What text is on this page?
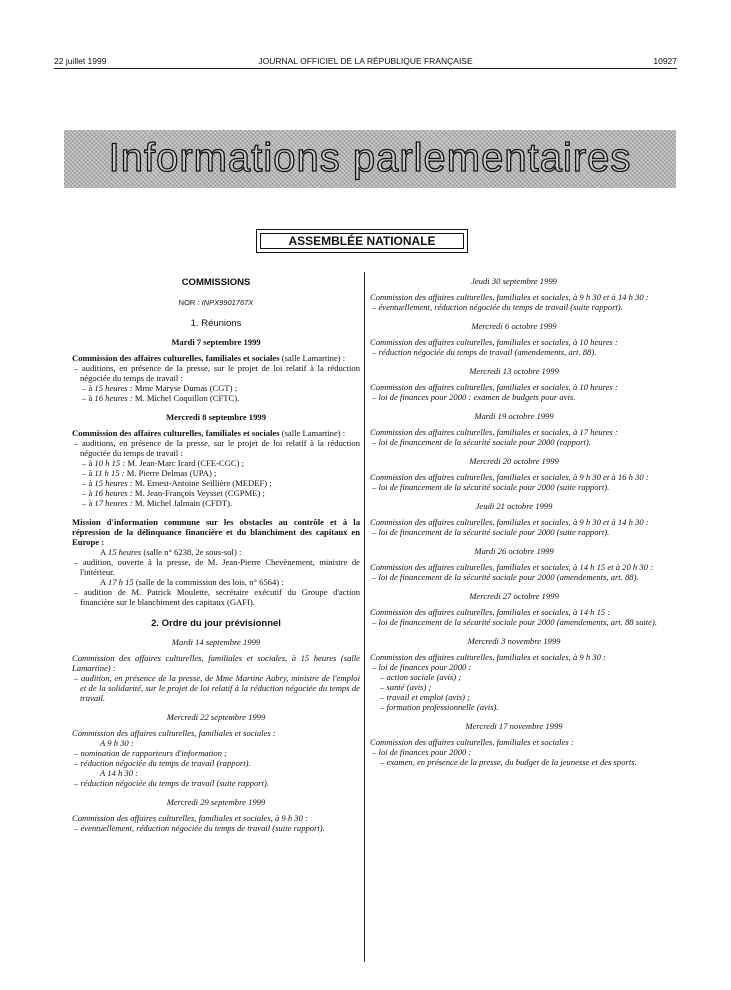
22 juillet 1999	JOURNAL OFFICIEL DE LA RÉPUBLIQUE FRANÇAISE	10927
Informations parlementaires
ASSEMBLÉE NATIONALE
COMMISSIONS
NOR : INPX9901767X
1. Réunions
Mardi 7 septembre 1999

Commission des affaires culturelles, familiales et sociales (salle Lamartine) :

– auditions, en présence de la presse, sur le projet de loi relatif à la réduction négociée du temps de travail :

– à 15 heures : Mme Maryse Dumas (CGT) ;

– à 16 heures : M. Michel Coquillon (CFTC).

Mercredi 8 septembre 1999

Commission des affaires culturelles, familiales et sociales (salle Lamartine) :

– auditions, en présence de la presse, sur le projet de loi relatif à la réduction négociée du temps de travail :

– à 10 h 15 : M. Jean-Marc Icard (CFE-CGC) ;

– à 11 h 15 : M. Pierre Delmas (UPA) ;

– à 15 heures : M. Ernest-Antoine Seillière (MEDEF) ;

– à 16 heures : M. Jean-François Veysset (CGPME) ;

– à 17 heures : M. Michel Jalmain (CFDT).

Mission d'information commune sur les obstacles au contrôle et à la répression de la délinquance financière et du blanchiment des capitaux en Europe :

A 15 heures (salle n° 6238, 2e sous-sol) :

– audition, ouverte à la presse, de M. Jean-Pierre Chevènement, ministre de l'intérieur.

A 17 h 15 (salle de la commission des lois, n° 6564) :

– audition de M. Patrick Moulette, secrétaire exécutif du Groupe d'action financière sur le blanchiment des capitaux (GAFI).

2. Ordre du jour prévisionnel
Mardi 14 septembre 1999

Commission des affaires culturelles, familiales et sociales, à 15 heures (salle Lamartine) :

– audition, en présence de la presse, de Mme Martine Aubry, ministre de l'emploi et de la solidarité, sur le projet de loi relatif à la réduction négociée du temps de travail.

Mercredi 22 septembre 1999

Commission des affaires culturelles, familiales et sociales :

A 9 h 30 :

– nomination de rapporteurs d'information ;

– réduction négociée du temps de travail (rapport).

A 14 h 30 :

– réduction négociée du temps de travail (suite rapport).

Mercredi 29 septembre 1999

Commission des affaires culturelles, familiales et sociales, à 9 h 30 :

– éventuellement, réduction négociée du temps de travail (suite rapport).

Jeudi 30 septembre 1999

Commission des affaires culturelles, familiales et sociales, à 9 h 30 et à 14 h 30 :

– éventuellement, réduction négociée du temps de travail (suite rapport).

Mercredi 6 octobre 1999

Commission des affaires culturelles, familiales et sociales, à 10 heures :

– réduction négociée du temps de travail (amendements, art. 88).

Mercredi 13 octobre 1999

Commission des affaires culturelles, familiales et sociales, à 10 heures :

– loi de finances pour 2000 : examen de budgets pour avis.

Mardi 19 octobre 1999

Commission des affaires culturelles, familiales et sociales, à 17 heures :

– loi de financement de la sécurité sociale pour 2000 (rapport).

Mercredi 20 octobre 1999

Commission des affaires culturelles, familiales et sociales, à 9 h 30 et à 16 h 30 :

– loi de financement de la sécurité sociale pour 2000 (suite rapport).

Jeudi 21 octobre 1999

Commission des affaires culturelles, familiales et sociales, à 9 h 30 et à 14 h 30 :

– loi de financement de la sécurité sociale pour 2000 (suite rapport).

Mardi 26 octobre 1999

Commission des affaires culturelles, familiales et sociales, à 14 h 15 et à 20 h 30 :

– loi de financement de la sécurité sociale pour 2000 (amendements, art. 88).

Mercredi 27 octobre 1999

Commission des affaires culturelles, familiales et sociales, à 14 h 15 :

– loi de financement de la sécurité sociale pour 2000 (amendements, art. 88 suite).

Mercredi 3 novembre 1999

Commission des affaires culturelles, familiales et sociales, à 9 h 30 :

– loi de finances pour 2000 :

– action sociale (avis) ;

– santé (avis) ;

– travail et emploi (avis) ;

– formation professionnelle (avis).

Mercredi 17 novembre 1999

Commission des affaires culturelles, familiales et sociales :

– loi de finances pour 2000 :

– examen, en présence de la presse, du budget de la jeunesse et des sports.
